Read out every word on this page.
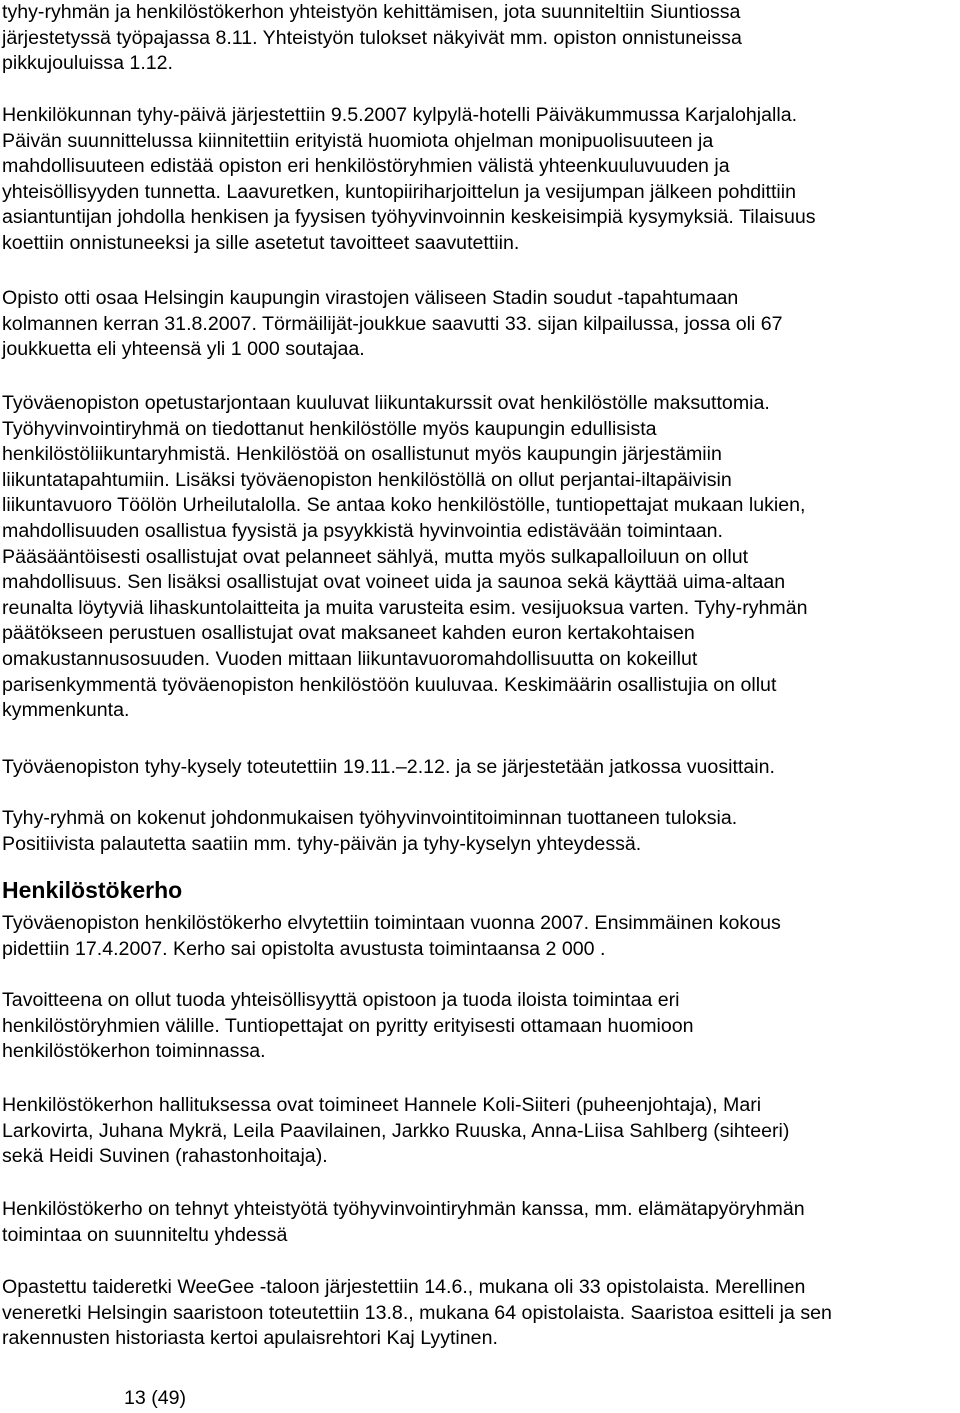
tyhy-ryhmän ja henkilöstökerhon yhteistyön kehittämisen, jota suunniteltiin Siuntiossa
järjestetyssä työpajassa 8.11. Yhteistyön tulokset näkyivät mm. opiston onnistuneissa
pikkujouluissa 1.12.

Henkilökunnan tyhy-päivä järjestettiin 9.5.2007 kylpylä-hotelli Päiväkummussa Karjalohjalla.
Päivän suunnittelussa kiinnitettiin erityistä huomiota ohjelman monipuolisuuteen ja
mahdollisuuteen edistää opiston eri henkilöstöryhmien välistä yhteenkuuluvuuden ja
yhteisöllisyyden tunnetta. Laavuretken, kuntopiiriharjoittelun ja vesijumpan jälkeen pohdittiin
asiantuntijan johdolla henkisen ja fyysisen työhyvinvoinnin keskeisimpiä kysymyksiä. Tilaisuus
koettiin onnistuneeksi ja sille asetetut tavoitteet saavutettiin.

Opisto otti osaa Helsingin kaupungin virastojen väliseen Stadin soudut -tapahtumaan
kolmannen kerran 31.8.2007. Törmäilijät-joukkue saavutti 33. sijan kilpailussa, jossa oli 67
joukkuetta eli yhteensä yli 1 000 soutajaa.

Työväenopiston opetustarjontaan kuuluvat liikuntakurssit ovat henkilöstölle maksuttomia.
Työhyvinvointiryhmä on tiedottanut henkilöstölle myös kaupungin edullisista
henkilöstöliikuntaryhmistä. Henkilöstöä on osallistunut myös kaupungin järjestämiin
liikuntatapahtumiin. Lisäksi työväenopiston henkilöstöllä on ollut perjantai-iltapäivisin
liikuntavuoro Töölön Urheilutalolla. Se antaa koko henkilöstölle, tuntiopettajat mukaan lukien,
mahdollisuuden osallistua fyysistä ja psyykkistä hyvinvointia edistävään toimintaan.
Pääsääntöisesti osallistujat ovat pelanneet sählyä, mutta myös sulkapalloiluun on ollut
mahdollisuus. Sen lisäksi osallistujat ovat voineet uida ja saunoa sekä käyttää uima-altaan
reunalta löytyviä lihaskuntolaitteita ja muita varusteita esim. vesijuoksua varten. Tyhy-ryhmän
päätökseen perustuen osallistujat ovat maksaneet kahden euron kertakohtaisen
omakustannusosuuden. Vuoden mittaan liikuntavuoromahdollisuutta on kokeillut
parisenkymmentä työväenopiston henkilöstöön kuuluvaa. Keskimäärin osallistujia on ollut
kymmenkunta.

Työväenopiston tyhy-kysely toteutettiin 19.11.–2.12. ja se järjestetään jatkossa vuosittain.

Tyhy-ryhmä on kokenut johdonmukaisen työhyvinvointitoiminnan tuottaneen tuloksia.
Positiivista palautetta saatiin mm. tyhy-päivän ja tyhy-kyselyn yhteydessä.

Henkilöstökerho

Työväenopiston henkilöstökerho elvytettiin toimintaan vuonna 2007. Ensimmäinen kokous
pidettiin 17.4.2007. Kerho sai opistolta avustusta toimintaansa 2 000 .

Tavoitteena on ollut tuoda yhteisöllisyyttä opistoon ja tuoda iloista toimintaa eri
henkilöstöryhmien välille. Tuntiopettajat on pyritty erityisesti ottamaan huomioon
henkilöstökerhon toiminnassa.

Henkilöstökerhon hallituksessa ovat toimineet Hannele Koli-Siiteri (puheenjohtaja), Mari
Larkovirta, Juhana Mykrä, Leila Paavilainen, Jarkko Ruuska, Anna-Liisa Sahlberg (sihteeri)
sekä Heidi Suvinen (rahastonhoitaja).

Henkilöstökerho on tehnyt yhteistyötä työhyvinvointiryhmän kanssa, mm. elämätapyöryhmän
toimintaa on suunniteltu yhdessä

Opastettu taideretki WeeGee -taloon järjestettiin 14.6., mukana oli 33 opistolaista. Merellinen
veneretki Helsingin saaristoon toteutettiin 13.8., mukana 64 opistolaista. Saaristoa esitteli ja sen
rakennusten historiasta kertoi apulaisrehtori Kaj Lyytinen.

13 (49)
